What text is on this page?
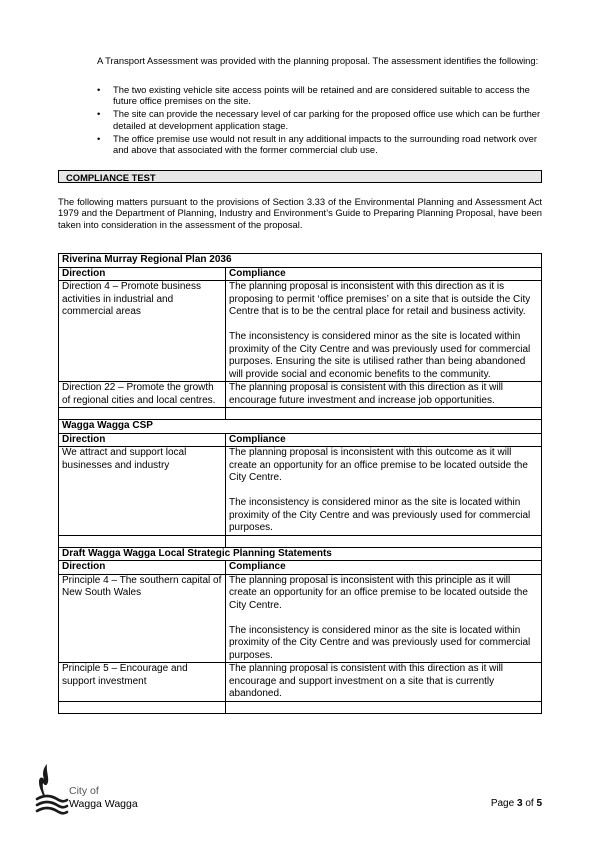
A Transport Assessment was provided with the planning proposal. The assessment identifies the following:

• The two existing vehicle site access points will be retained and are considered suitable to access the future office premises on the site.
• The site can provide the necessary level of car parking for the proposed office use which can be further detailed at development application stage.
• The office premise use would not result in any additional impacts to the surrounding road network over and above that associated with the former commercial club use.
COMPLIANCE TEST

The following matters pursuant to the provisions of Section 3.33 of the Environmental Planning and Assessment Act 1979 and the Department of Planning, Industry and Environment’s Guide to Preparing Planning Proposal, have been taken into consideration in the assessment of the proposal.

Riverina Murray Regional Plan 2036	
Direction	Compliance
Direction 4 – Promote business activities in industrial and commercial areas	The planning proposal is inconsistent with this direction as it is proposing to permit ‘office premises’ on a site that is outside the City Centre that is to be the central place for retail and business activity.
The inconsistency is considered minor as the site is located within proximity of the City Centre and was previously used for commercial purposes. Ensuring the site is utilised rather than being abandoned will provide social and economic benefits to the community.

Direction 22 – Promote the growth of regional cities and local centres.	The planning proposal is consistent with this direction as it will encourage future investment and increase job opportunities.

Wagga Wagga CSP	
Direction	Compliance
We attract and support local businesses and industry	The planning proposal is inconsistent with this outcome as it will create an opportunity for an office premise to be located outside the City Centre.
The inconsistency is considered minor as the site is located within proximity of the City Centre and was previously used for commercial purposes.

Draft Wagga Wagga Local Strategic Planning Statements	
Direction	Compliance
Principle 4 – The southern capital of New South Wales	The planning proposal is inconsistent with this principle as it will create an opportunity for an office premise to be located outside the City Centre.
The inconsistency is considered minor as the site is located within proximity of the City Centre and was previously used for commercial purposes.

Principle 5 – Encourage and support investment	The planning proposal is consistent with this direction as it will encourage and support investment on a site that is currently abandoned.

City of
Wagga Wagga	Page 3 of 5
